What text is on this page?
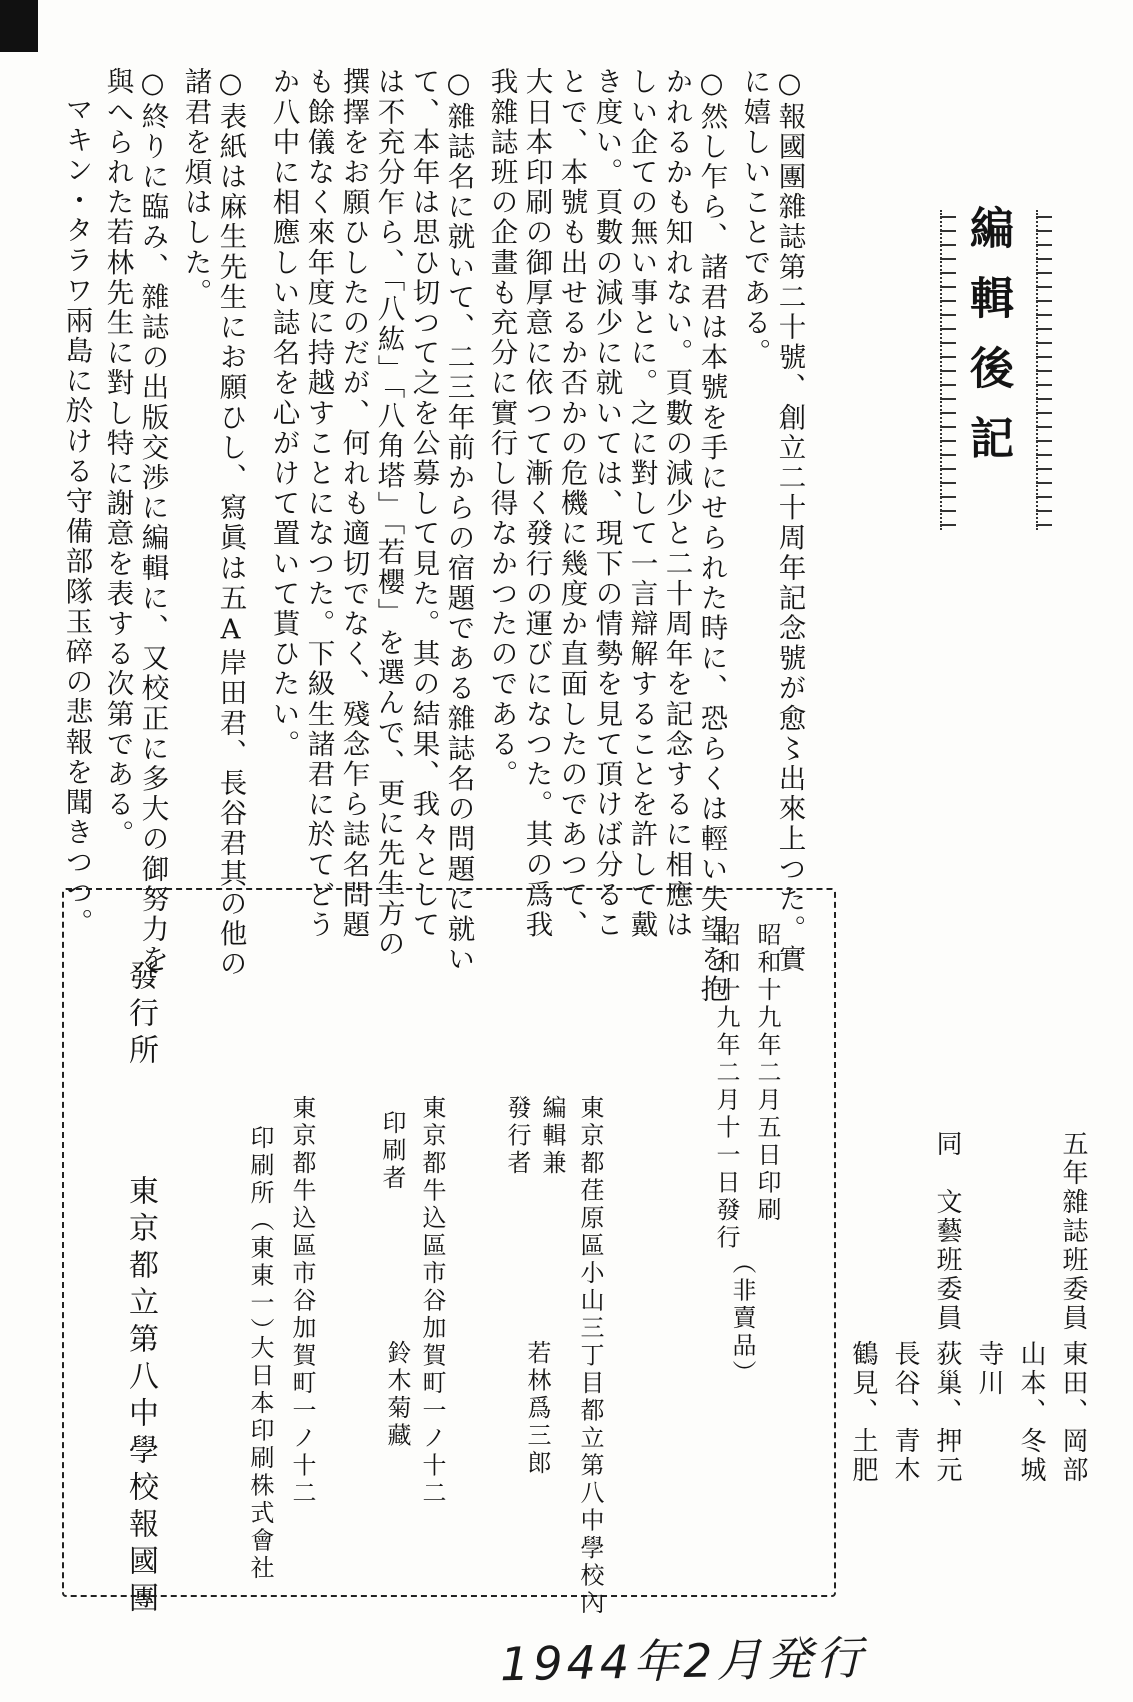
編輯後記
○報國團雜誌第二十號、創立二十周年記念號が愈〻出來上つた。實
に嬉しいことである。
○然し乍ら、諸君は本號を手にせられた時に、恐らくは輕い失望を抱
かれるかも知れない。頁數の減少と二十周年を記念するに相應は
しい企ての無い事とに。之に對して一言辯解することを許して戴
き度い。頁數の減少に就いては、現下の情勢を見て頂けば分るこ
とで、本號も出せるか否かの危機に幾度か直面したのであつて、
大日本印刷の御厚意に依つて漸く發行の運びになつた。其の爲我
我雜誌班の企畫も充分に實行し得なかつたのである。
○雜誌名に就いて、二三年前からの宿題である雜誌名の問題に就い
て、本年は思ひ切つて之を公募して見た。其の結果、我々として
は不充分乍ら、「八紘」「八角塔」「若櫻」を選んで、更に先生方の
撰擇をお願ひしたのだが、何れも適切でなく、殘念乍ら誌名問題
も餘儀なく來年度に持越すことになつた。下級生諸君に於てどう
か八中に相應しい誌名を心がけて置いて貰ひたい。
○表紙は麻生先生にお願ひし、寫眞は五A岸田君、長谷君其の他の
諸君を煩はした。
○終りに臨み、雜誌の出版交渉に編輯に、又校正に多大の御努力を
與へられた若林先生に對し特に謝意を表する次第である。
マキン・タラワ兩島に於ける守備部隊玉碎の悲報を聞きつつ。
五年雜誌班委員
東田、岡部
山本、冬城
寺川
同　文藝班委員
荻巢、押元
長谷、青木
鶴見、土肥
昭和十九年二月五日印刷
昭和十九年二月十一日發行
（非賣品）
東京都荏原區小山三丁目都立第八中學校內
編輯兼
發行者
若林爲三郎
東京都牛込區市谷加賀町一ノ十二
印刷者
鈴木菊藏
東京都牛込區市谷加賀町一ノ十二
印刷所（東東一）
大日本印刷株式會社
發行所
東京都立第八中學校報國團
1944年2月発行
